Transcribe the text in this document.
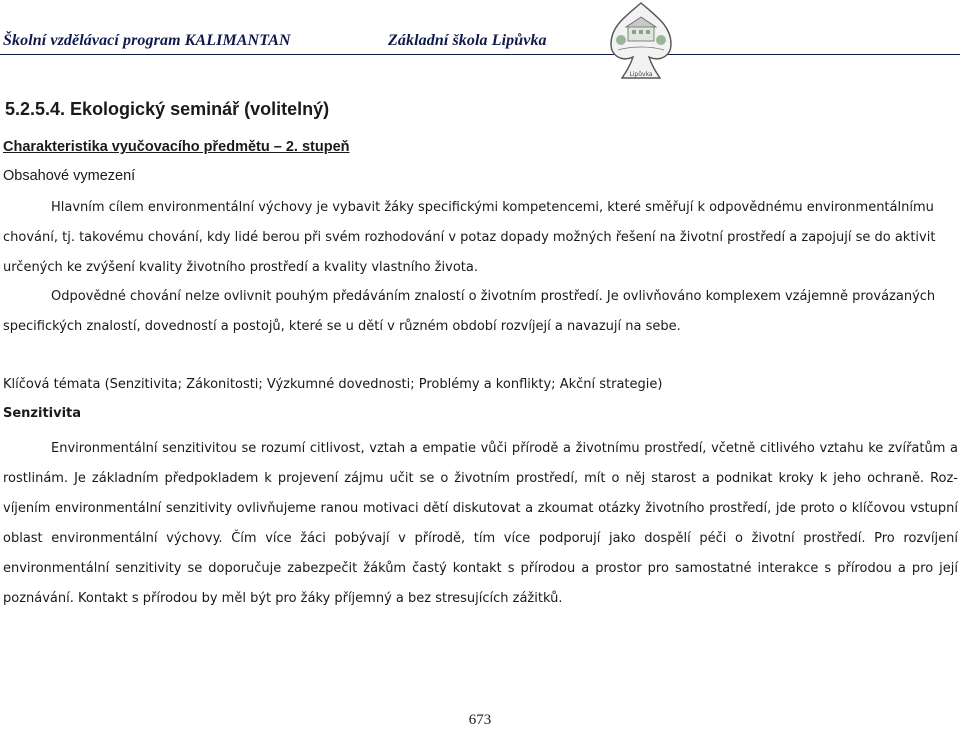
Školní vzdělávací program KALIMANTAN	Základní škola Lipůvka
Lipůvka
5.2.5.4. Ekologický seminář (volitelný)
Charakteristika vyučovacího předmětu – 2. stupeň
Obsahové vymezení

Hlavním cílem environmentální výchovy je vybavit žáky specifickými kompetencemi, které směřují k odpovědnému environmentálnímu chování, tj. takovému chování, kdy lidé berou při svém rozhodování v potaz dopady možných řešení na životní prostředí a zapojují se do aktivit určených ke zvýšení kvality životního prostředí a kvality vlastního života.

Odpovědné chování nelze ovlivnit pouhým předáváním znalostí o životním prostředí. Je ovlivňováno komplexem vzájemně provázaných specifických znalostí, dovedností a postojů, které se u dětí v různém období rozvíjejí a navazují na sebe.

Klíčová témata (Senzitivita; Zákonitosti; Výzkumné dovednosti; Problémy a konflikty; Akční strategie)
Senzitivita

Environmentální senzitivitou se rozumí citlivost, vztah a empatie vůči přírodě a životnímu prostředí, včetně citlivého vztahu ke zvířatům a rostlinám. Je základním předpokladem k projevení zájmu učit se o životním prostředí, mít o něj starost a podnikat kroky k jeho ochraně. Roz-víjením environmentální senzitivity ovlivňujeme ranou motivaci dětí diskutovat a zkoumat otázky životního prostředí, jde proto o klíčovou vstupní oblast environmentální výchovy. Čím více žáci pobývají v přírodě, tím více podporují jako dospělí péči o životní prostředí. Pro rozvíjení environmentální senzitivity se doporučuje zabezpečit žákům častý kontakt s přírodou a prostor pro samostatné interakce s přírodou a pro její poznávání. Kontakt s přírodou by měl být pro žáky příjemný a bez stresujících zážitků.

673
